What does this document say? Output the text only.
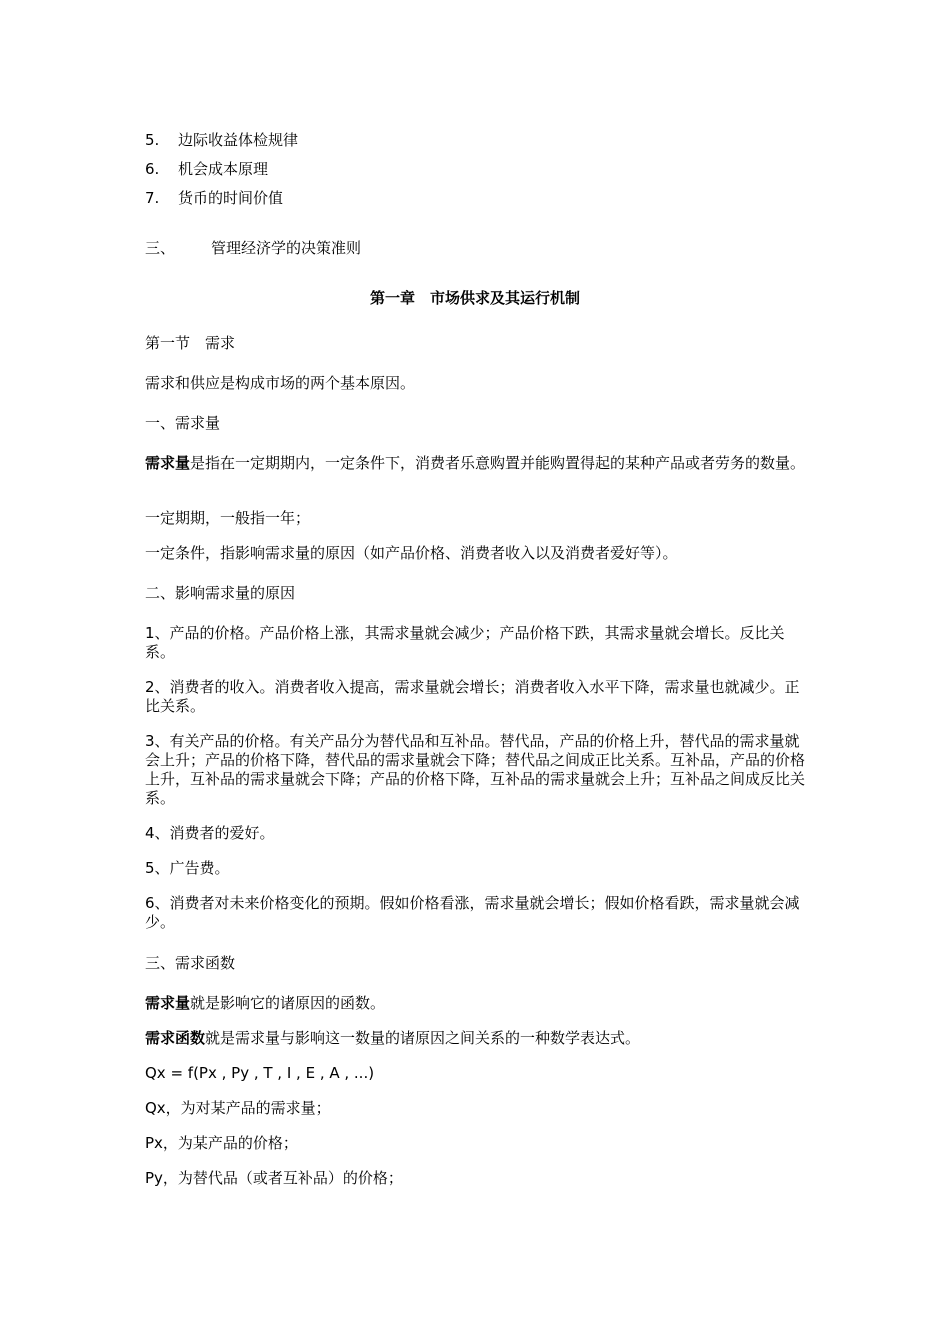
5. 边际收益体检规律
6. 机会成本原理
7. 货币的时间价值
三、 管理经济学的决策准则
第一章　市场供求及其运行机制
第一节　需求
需求和供应是构成市场的两个基本原因。
一、需求量
需求量是指在一定期期内，一定条件下，消费者乐意购置并能购置得起的某种产品或者劳务的数量。
一定期期，一般指一年；
一定条件，指影响需求量的原因（如产品价格、消费者收入以及消费者爱好等）。
二、影响需求量的原因
1、产品的价格。产品价格上涨，其需求量就会减少；产品价格下跌，其需求量就会增长。反比关系。
2、消费者的收入。消费者收入提高，需求量就会增长；消费者收入水平下降，需求量也就减少。正比关系。
3、有关产品的价格。有关产品分为替代品和互补品。替代品，产品的价格上升，替代品的需求量就会上升；产品的价格下降，替代品的需求量就会下降；替代品之间成正比关系。互补品，产品的价格上升，互补品的需求量就会下降；产品的价格下降，互补品的需求量就会上升；互补品之间成反比关系。
4、消费者的爱好。
5、广告费。
6、消费者对未来价格变化的预期。假如价格看涨，需求量就会增长；假如价格看跌，需求量就会减少。
三、需求函数
需求量就是影响它的诸原因的函数。
需求函数就是需求量与影响这一数量的诸原因之间关系的一种数学表达式。
Qx = f(Px , Py , T , I , E , A , ...)
Qx，为对某产品的需求量；
Px，为某产品的价格；
Py，为替代品（或者互补品）的价格；
